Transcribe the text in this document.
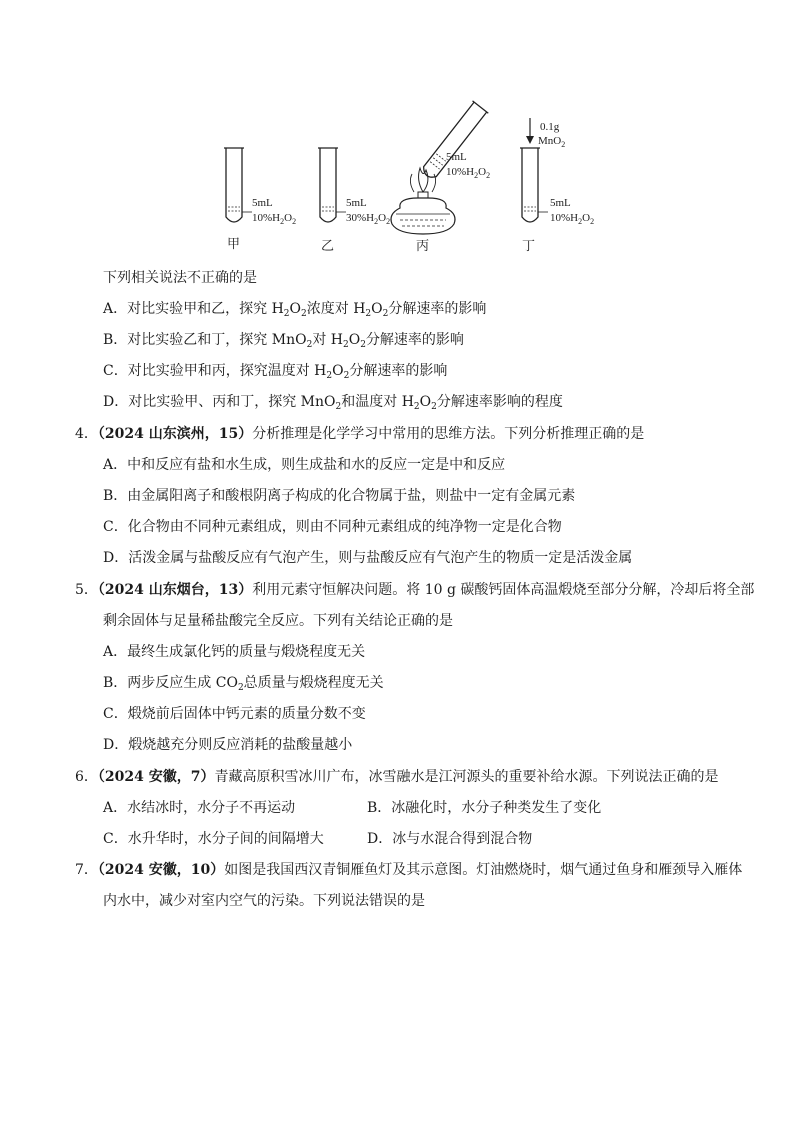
5mL
$10\%H_2O_2$
甲
5mL
$30\%H_2O_2$
乙
5mL
$10\%H_2O_2$
丙
0.1g
MnO$_2$
5mL
$10\%H_2O_2$
丁
下列相关说法不正确的是
A．对比实验甲和乙，探究 $H_2O_2$浓度对 $H_2O_2$分解速率的影响
B．对比实验乙和丁，探究 MnO$_2$对 $H_2O_2$分解速率的影响
C．对比实验甲和丙，探究温度对 $H_2O_2$分解速率的影响
D．对比实验甲、丙和丁，探究 MnO$_2$和温度对 $H_2O_2$分解速率影响的程度
4．（2024 山东滨州，15）分析推理是化学学习中常用的思维方法。下列分析推理正确的是
A．中和反应有盐和水生成，则生成盐和水的反应一定是中和反应
B．由金属阳离子和酸根阴离子构成的化合物属于盐，则盐中一定有金属元素
C．化合物由不同种元素组成，则由不同种元素组成的纯净物一定是化合物
D．活泼金属与盐酸反应有气泡产生，则与盐酸反应有气泡产生的物质一定是活泼金属
5．（2024 山东烟台，13）利用元素守恒解决问题。将 10 g 碳酸钙固体高温煅烧至部分分解，冷却后将全部
剩余固体与足量稀盐酸完全反应。下列有关结论正确的是
A．最终生成氯化钙的质量与煅烧程度无关
B．两步反应生成 $CO_2$总质量与煅烧程度无关
C．煅烧前后固体中钙元素的质量分数不变
D．煅烧越充分则反应消耗的盐酸量越小
6．（2024 安徽，7）青藏高原积雪冰川广布，冰雪融水是江河源头的重要补给水源。下列说法正确的是
A．水结冰时，水分子不再运动	B．冰融化时，水分子种类发生了变化
C．水升华时，水分子间的间隔增大	D．冰与水混合得到混合物
7．（2024 安徽，10）如图是我国西汉青铜雁鱼灯及其示意图。灯油燃烧时，烟气通过鱼身和雁颈导入雁体
内水中，减少对室内空气的污染。下列说法错误的是
